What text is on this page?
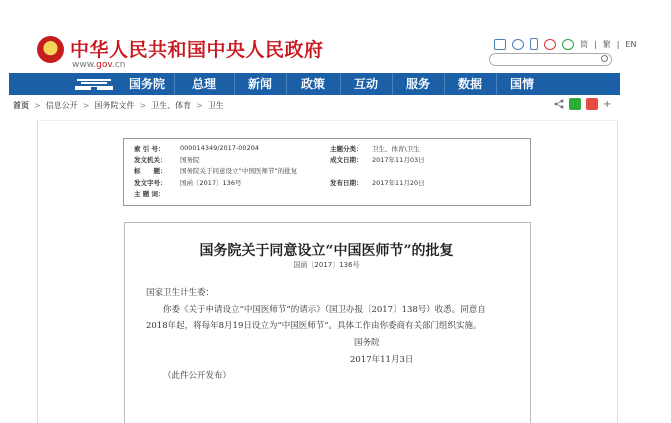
中华人民共和国中央人民政府
www.gov.cn
简 | 繁 | EN
国务院	总理	新闻	政策	互动	服务	数据	国情
首页 > 信息公开 > 国务院文件 > 卫生、体育 > 卫生	+
索 引 号： 000014349/2017-00204	主题分类： 卫生、体育\卫生
发文机关： 国务院	成文日期： 2017年11月03日
标　　题： 国务院关于同意设立“中国医师节”的批复
发文字号： 国函〔2017〕136号	发布日期： 2017年11月20日
主 题 词：
国务院关于同意设立“中国医师节”的批复
国函〔2017〕136号
国家卫生计生委：
你委《关于申请设立“中国医师节”的请示》（国卫办报〔2017〕138号）收悉。同意自
2018年起，将每年8月19日设立为“中国医师节”。具体工作由你委商有关部门组织实施。
国务院
2017年11月3日
（此件公开发布）
